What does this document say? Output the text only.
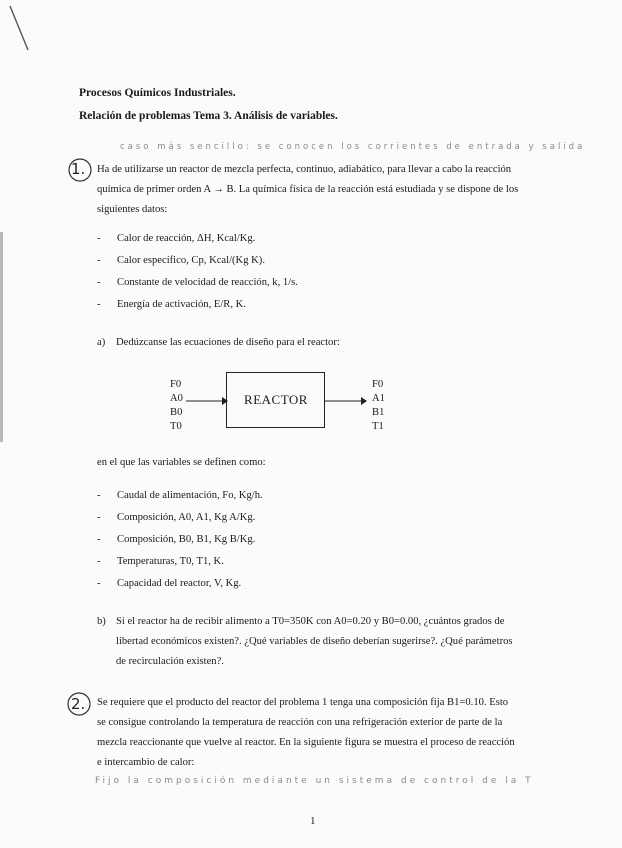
Procesos Químicos Industriales.
Relación de problemas Tema 3. Análisis de variables.
caso más sencillo: se conocen los corrientes de entrada y salida
1. Ha de utilizarse un reactor de mezcla perfecta, continuo, adiabático, para llevar a cabo la reacción
química de primer orden A → B. La química física de la reacción está estudiada y se dispone de los
siguientes datos:
- Calor de reacción, ΔH, Kcal/Kg.
- Calor específico, Cp, Kcal/(Kg K).
- Constante de velocidad de reacción, k, 1/s.
- Energía de activación, E/R, K.
a) Dedúzcanse las ecuaciones de diseño para el reactor:
F0
A0
B0
T0
REACTOR
F0
A1
B1
T1
en el que las variables se definen como:
- Caudal de alimentación, Fo, Kg/h.
- Composición, A0, A1, Kg A/Kg.
- Composición, B0, B1, Kg B/Kg.
- Temperaturas, T0, T1, K.
- Capacidad del reactor, V, Kg.
b) Si el reactor ha de recibir alimento a T0=350K con A0=0.20 y B0=0.00, ¿cuántos grados de
libertad económicos existen?. ¿Qué variables de diseño deberían sugerirse?. ¿Qué parámetros
de recirculación existen?.
2. Se requiere que el producto del reactor del problema 1 tenga una composición fija B1=0.10. Esto
se consigue controlando la temperatura de reacción con una refrigeración exterior de parte de la
mezcla reaccionante que vuelve al reactor. En la siguiente figura se muestra el proceso de reacción
e intercambio de calor:
Fijo la composición mediante un sistema de control de la T
1
